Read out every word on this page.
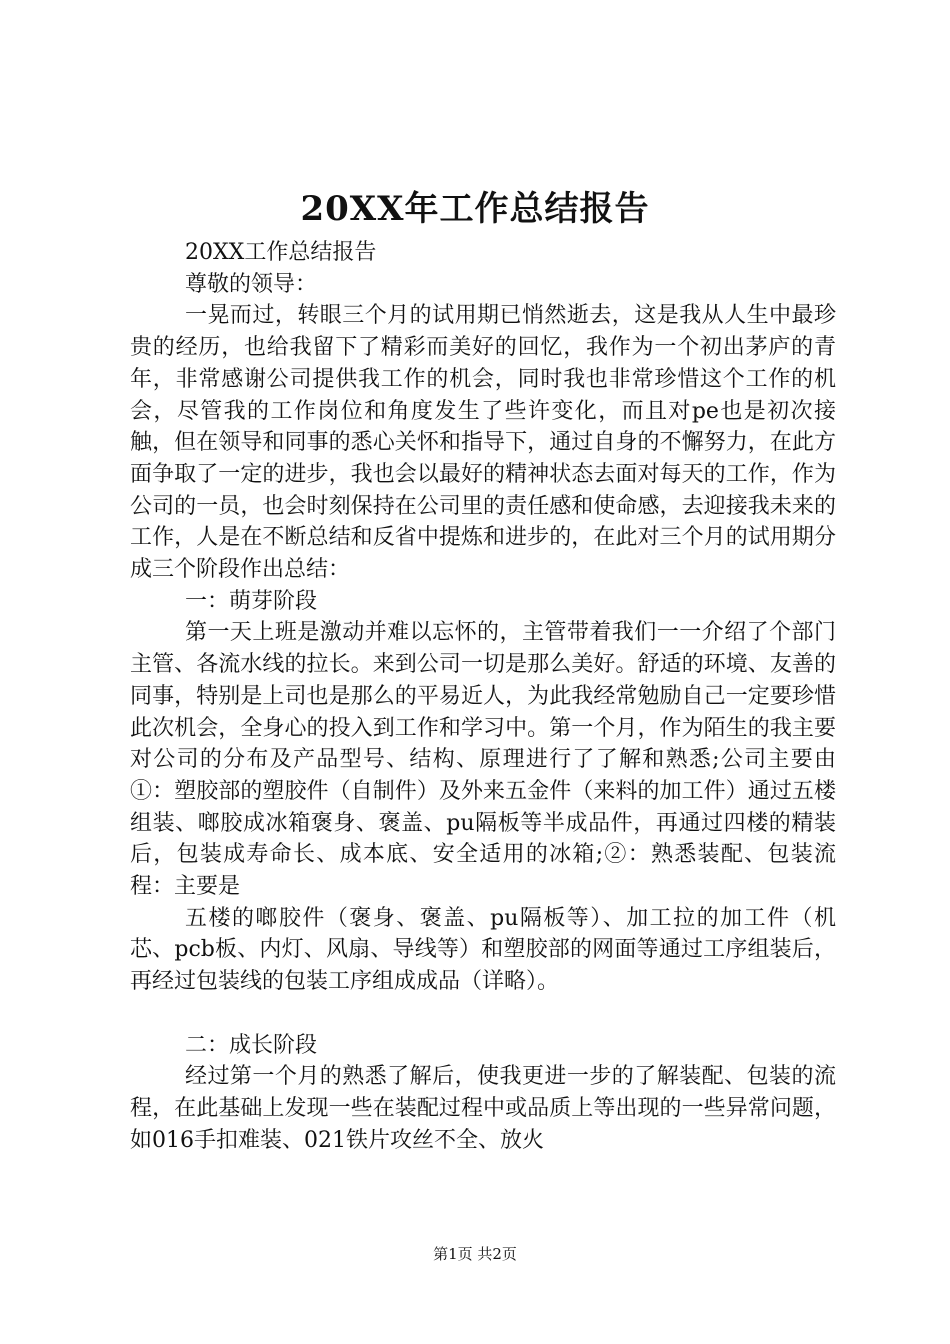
20XX年工作总结报告

20XX工作总结报告

尊敬的领导：

一晃而过，转眼三个月的试用期已悄然逝去，这是我从人生中最珍贵的经历，也给我留下了精彩而美好的回忆，我作为一个初出茅庐的青年，非常感谢公司提供我工作的机会，同时我也非常珍惜这个工作的机会，尽管我的工作岗位和角度发生了些许变化，而且对pe也是初次接触，但在领导和同事的悉心关怀和指导下，通过自身的不懈努力，在此方面争取了一定的进步，我也会以最好的精神状态去面对每天的工作，作为公司的一员，也会时刻保持在公司里的责任感和使命感，去迎接我未来的工作，人是在不断总结和反省中提炼和进步的，在此对三个月的试用期分成三个阶段作出总结：

一：萌芽阶段

第一天上班是激动并难以忘怀的，主管带着我们一一介绍了个部门主管、各流水线的拉长。来到公司一切是那么美好。舒适的环境、友善的同事，特别是上司也是那么的平易近人，为此我经常勉励自己一定要珍惜此次机会，全身心的投入到工作和学习中。第一个月，作为陌生的我主要对公司的分布及产品型号、结构、原理进行了了解和熟悉;公司主要由①：塑胶部的塑胶件（自制件）及外来五金件（来料的加工件）通过五楼组装、啷胶成冰箱褒身、褒盖、pu隔板等半成品件，再通过四楼的精装后，包装成寿命长、成本底、安全适用的冰箱;②：熟悉装配、包装流程：主要是

五楼的啷胶件（褒身、褒盖、pu隔板等）、加工拉的加工件（机芯、pcb板、内灯、风扇、导线等）和塑胶部的网面等通过工序组装后，再经过包装线的包装工序组成成品（详略）。

二：成长阶段

经过第一个月的熟悉了解后，使我更进一步的了解装配、包装的流程，在此基础上发现一些在装配过程中或品质上等出现的一些异常问题，如016手扣难装、021铁片攻丝不全、放火

第1页 共2页
